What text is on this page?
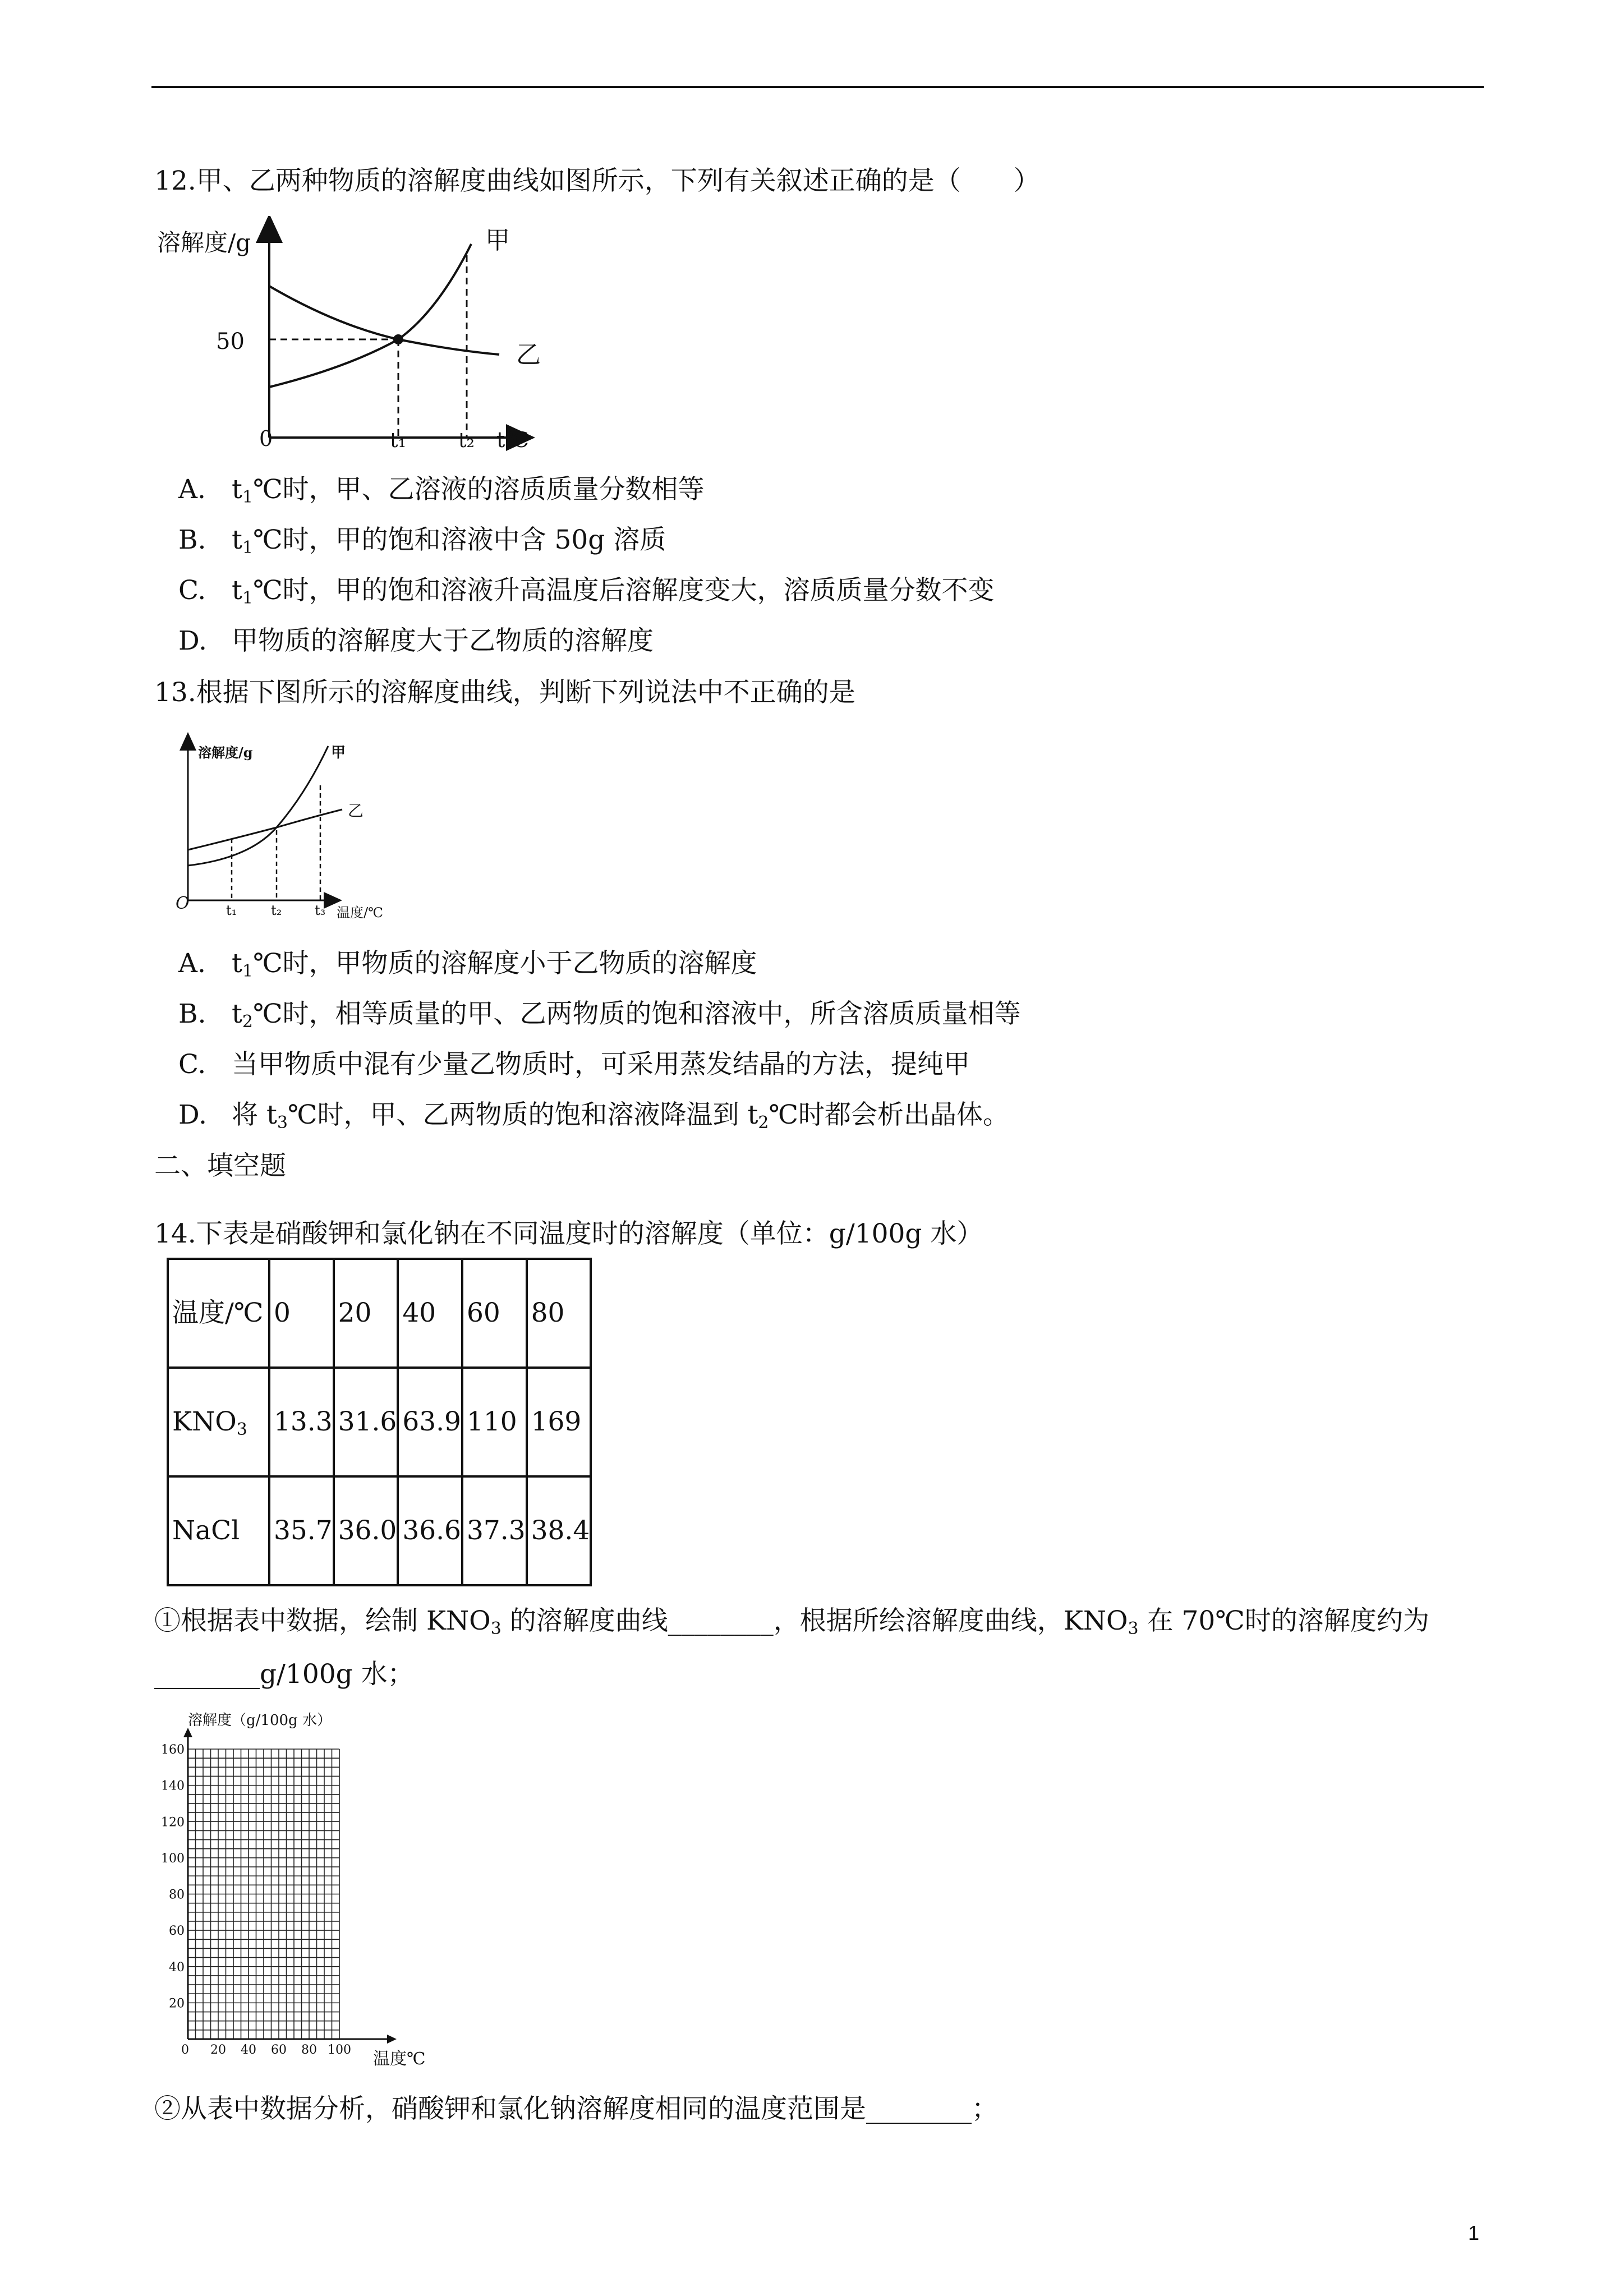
12.甲、乙两种物质的溶解度曲线如图所示，下列有关叙述正确的是（　　）
溶解度/g
50
0
甲
乙
t₁	t₂ t℃
A. $t_1℃$时，甲、乙溶液的溶质质量分数相等
B. $t_1℃$时，甲的饱和溶液中含 50g 溶质
C. $t_1℃$时，甲的饱和溶液升高温度后溶解度变大，溶质质量分数不变
D. 甲物质的溶解度大于乙物质的溶解度
13.根据下图所示的溶解度曲线，判断下列说法中不正确的是
溶解度/g
O
甲
乙
t₁	t₂ t₃ 温度/℃
A. $t_1℃$时，甲物质的溶解度小于乙物质的溶解度
B. $t_2℃$时，相等质量的甲、乙两物质的饱和溶液中，所含溶质质量相等
C. 当甲物质中混有少量乙物质时，可采用蒸发结晶的方法，提纯甲
D. 将 $t_3℃$时，甲、乙两物质的饱和溶液降温到 $t_2℃$时都会析出晶体。
二、填空题
14.下表是硝酸钾和氯化钠在不同温度时的溶解度（单位：g/100g 水）
温度/℃	0	20	40	60	80
$KNO_3$	13.3	31.6	63.9	110	169
NaCl	35.7	36.0	36.6	37.3	38.4
①根据表中数据，绘制 $KNO_3$ 的溶解度曲线________，根据所绘溶解度曲线，$KNO_3$ 在 70℃时的溶解度约为
________g/100g 水；
溶解度（g/100g 水）
20
40
60
80
100
120
140
160
0 20 40 60 80 100 温度℃
②从表中数据分析，硝酸钾和氯化钠溶解度相同的温度范围是________；
1
